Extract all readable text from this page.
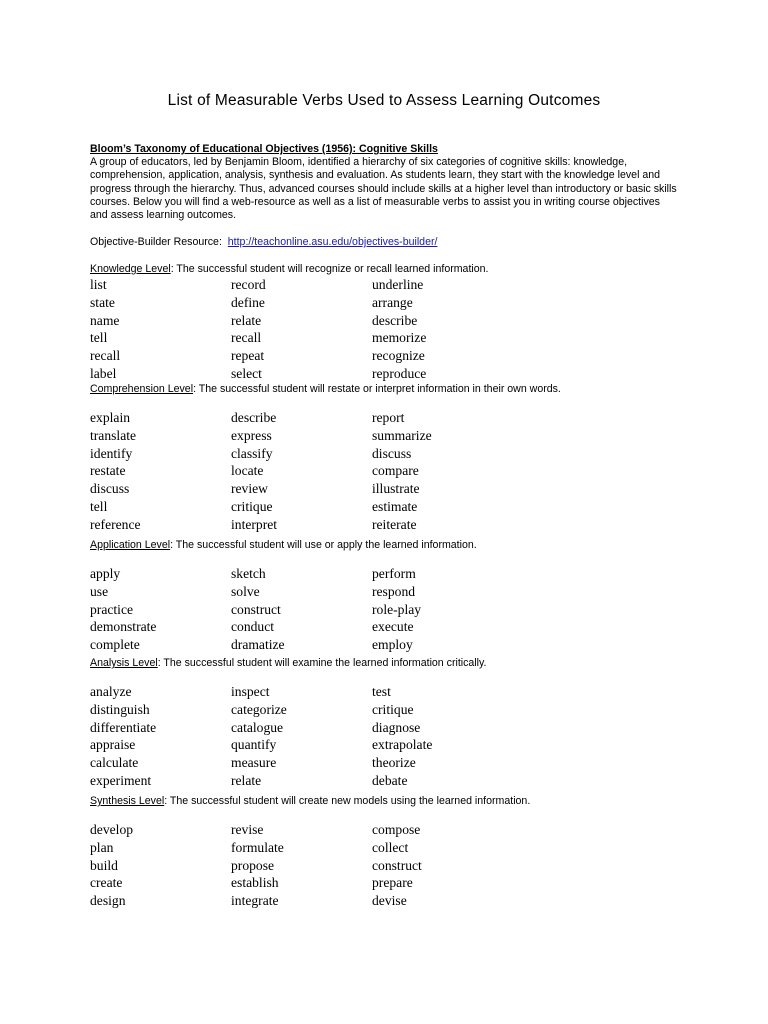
List of Measurable Verbs Used to Assess Learning Outcomes

Bloom’s Taxonomy of Educational Objectives (1956): Cognitive Skills

A group of educators, led by Benjamin Bloom, identified a hierarchy of six categories of cognitive skills: knowledge, comprehension, application, analysis, synthesis and evaluation. As students learn, they start with the knowledge level and progress through the hierarchy. Thus, advanced courses should include skills at a higher level than introductory or basic skills courses. Below you will find a web-resource as well as a list of measurable verbs to assist you in writing course objectives and assess learning outcomes.

Objective-Builder Resource: http://teachonline.asu.edu/objectives-builder/
Knowledge Level: The successful student will recognize or recall learned information.
list	record	underline
state	define	arrange
name	relate	describe
tell	recall	memorize
recall	repeat	recognize
label	select	reproduce
Comprehension Level: The successful student will restate or interpret information in their own words.
explain	describe	report
translate	express	summarize
identify	classify	discuss
restate	locate	compare
discuss	review	illustrate
tell	critique	estimate
reference	interpret	reiterate
Application Level: The successful student will use or apply the learned information.
apply	sketch	perform
use	solve	respond
practice	construct	role-play
demonstrate	conduct	execute
complete	dramatize	employ
Analysis Level: The successful student will examine the learned information critically.
analyze	inspect	test
distinguish	categorize	critique
differentiate	catalogue	diagnose
appraise	quantify	extrapolate
calculate	measure	theorize
experiment	relate	debate
Synthesis Level: The successful student will create new models using the learned information.
develop	revise	compose
plan	formulate	collect
build	propose	construct
create	establish	prepare
design	integrate	devise
